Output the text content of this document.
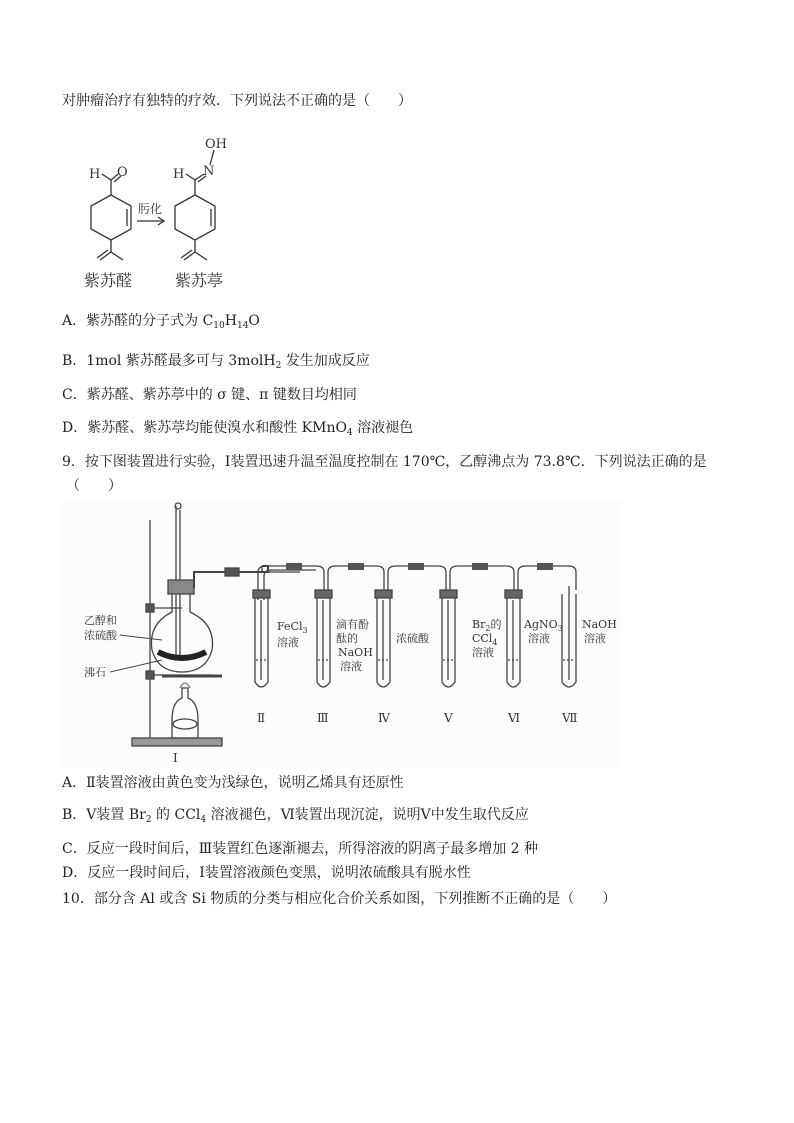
对肿瘤治疗有独特的疗效．下列说法不正确的是（　　）
H O	H N
OH
肟化
紫苏醛	紫苏葶
A．紫苏醛的分子式为 $C_{10}H_{14}O$
B．1mol 紫苏醛最多可与 3molH$_2$ 发生加成反应
C．紫苏醛、紫苏葶中的 σ 键、π 键数目均相同
D．紫苏醛、紫苏葶均能使溴水和酸性 KMnO$_4$ 溶液褪色
9．按下图装置进行实验，Ⅰ装置迅速升温至温度控制在 170℃，乙醇沸点为 73.8℃．下列说法正确的是
（　　）
乙醇和
浓硫酸
沸石
Ⅰ
FeCl$_3$
溶液
Ⅱ
滴有酚
酞的
NaOH
溶液
Ⅲ
浓硫酸
Ⅳ
$Br_2$的
CCl$_4$
溶液
Ⅴ
AgNO$_3$
溶液
Ⅵ
NaOH
溶液
Ⅶ
A．Ⅱ装置溶液由黄色变为浅绿色，说明乙烯具有还原性
B．Ⅴ装置 $Br_2$ 的 CCl$_4$ 溶液褪色，Ⅵ装置出现沉淀，说明Ⅴ中发生取代反应
C．反应一段时间后，Ⅲ装置红色逐渐褪去，所得溶液的阴离子最多增加 2 种
D．反应一段时间后，Ⅰ装置溶液颜色变黑，说明浓硫酸具有脱水性
10．部分含 Al 或含 Si 物质的分类与相应化合价关系如图，下列推断不正确的是（　　）
